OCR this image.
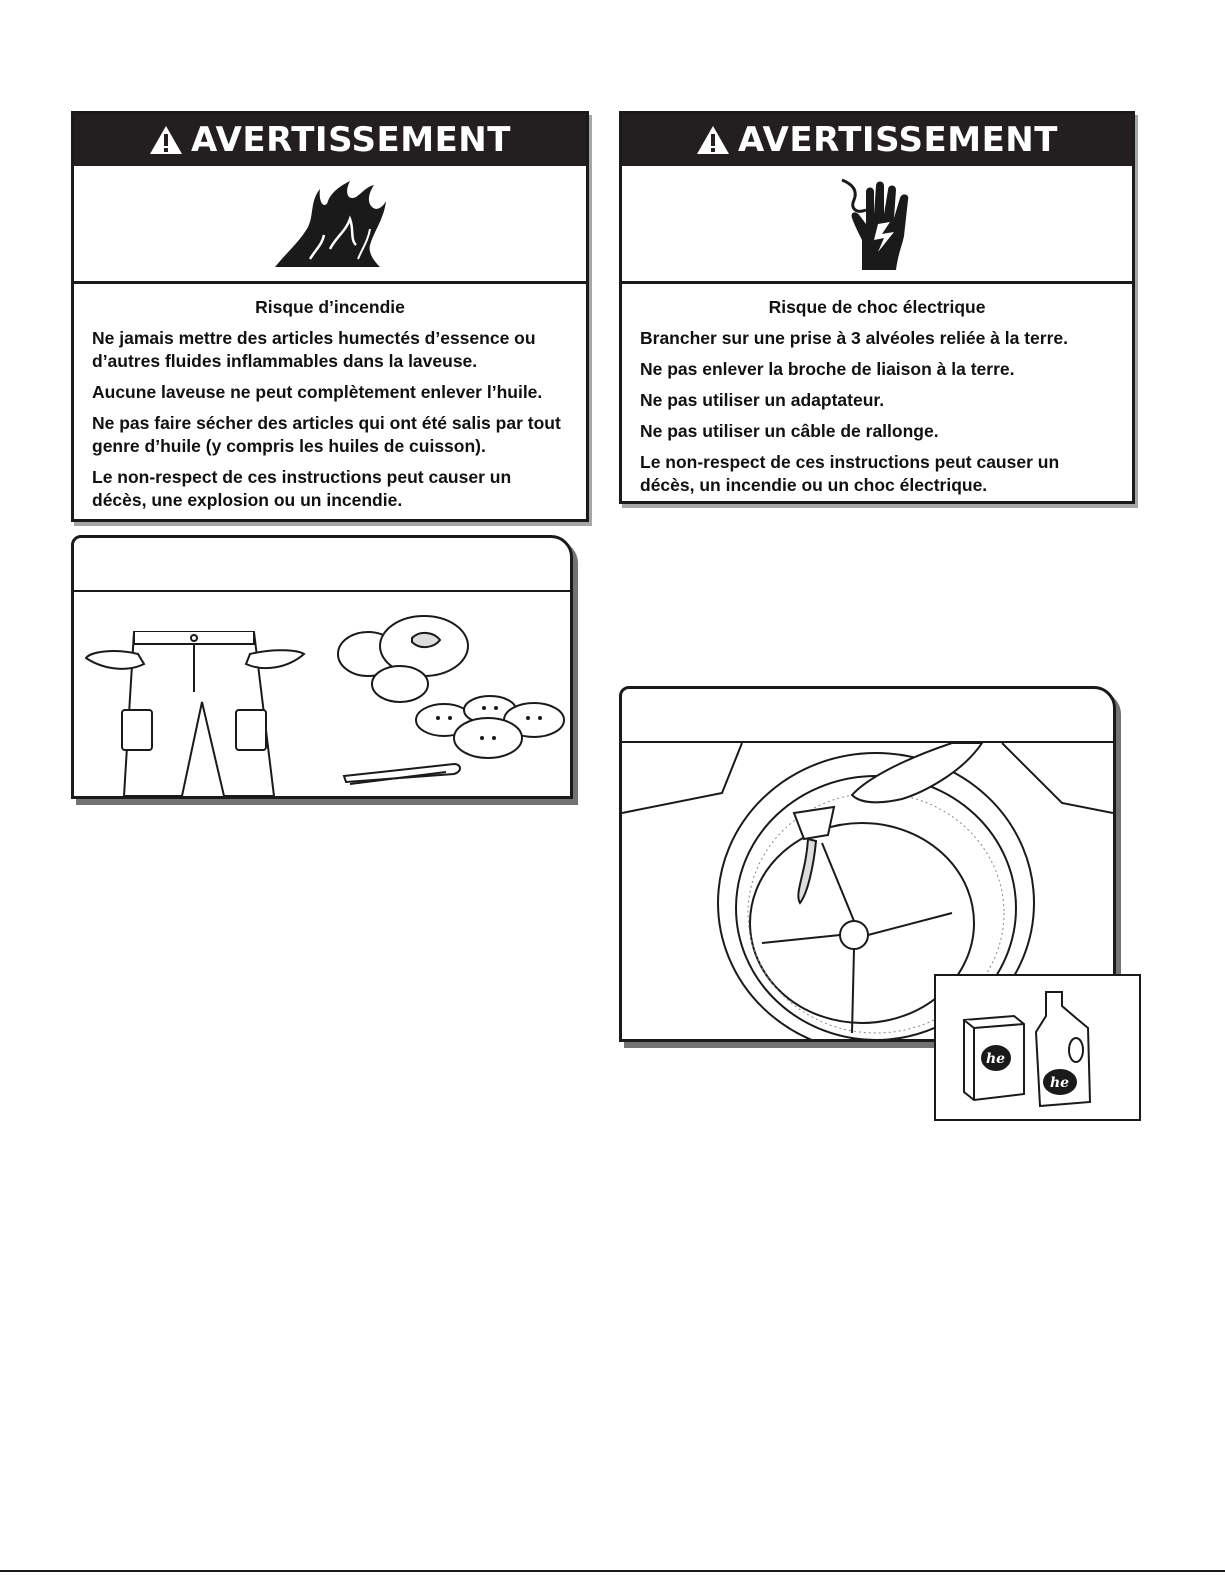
AVERTISSEMENT
Risque d’incendie

Ne jamais mettre des articles humectés d’essence ou d’autres fluides inflammables dans la laveuse.

Aucune laveuse ne peut complètement enlever l’huile.

Ne pas faire sécher des articles qui ont été salis par tout genre d’huile (y compris les huiles de cuisson).

Le non-respect de ces instructions peut causer un décès, une explosion ou un incendie.

AVERTISSEMENT
Risque de choc électrique

Brancher sur une prise à 3 alvéoles reliée à la terre.

Ne pas enlever la broche de liaison à la terre.

Ne pas utiliser un adaptateur.

Ne pas utiliser un câble de rallonge.

Le non-respect de ces instructions peut causer un décès, un incendie ou un choc électrique.

he
he
